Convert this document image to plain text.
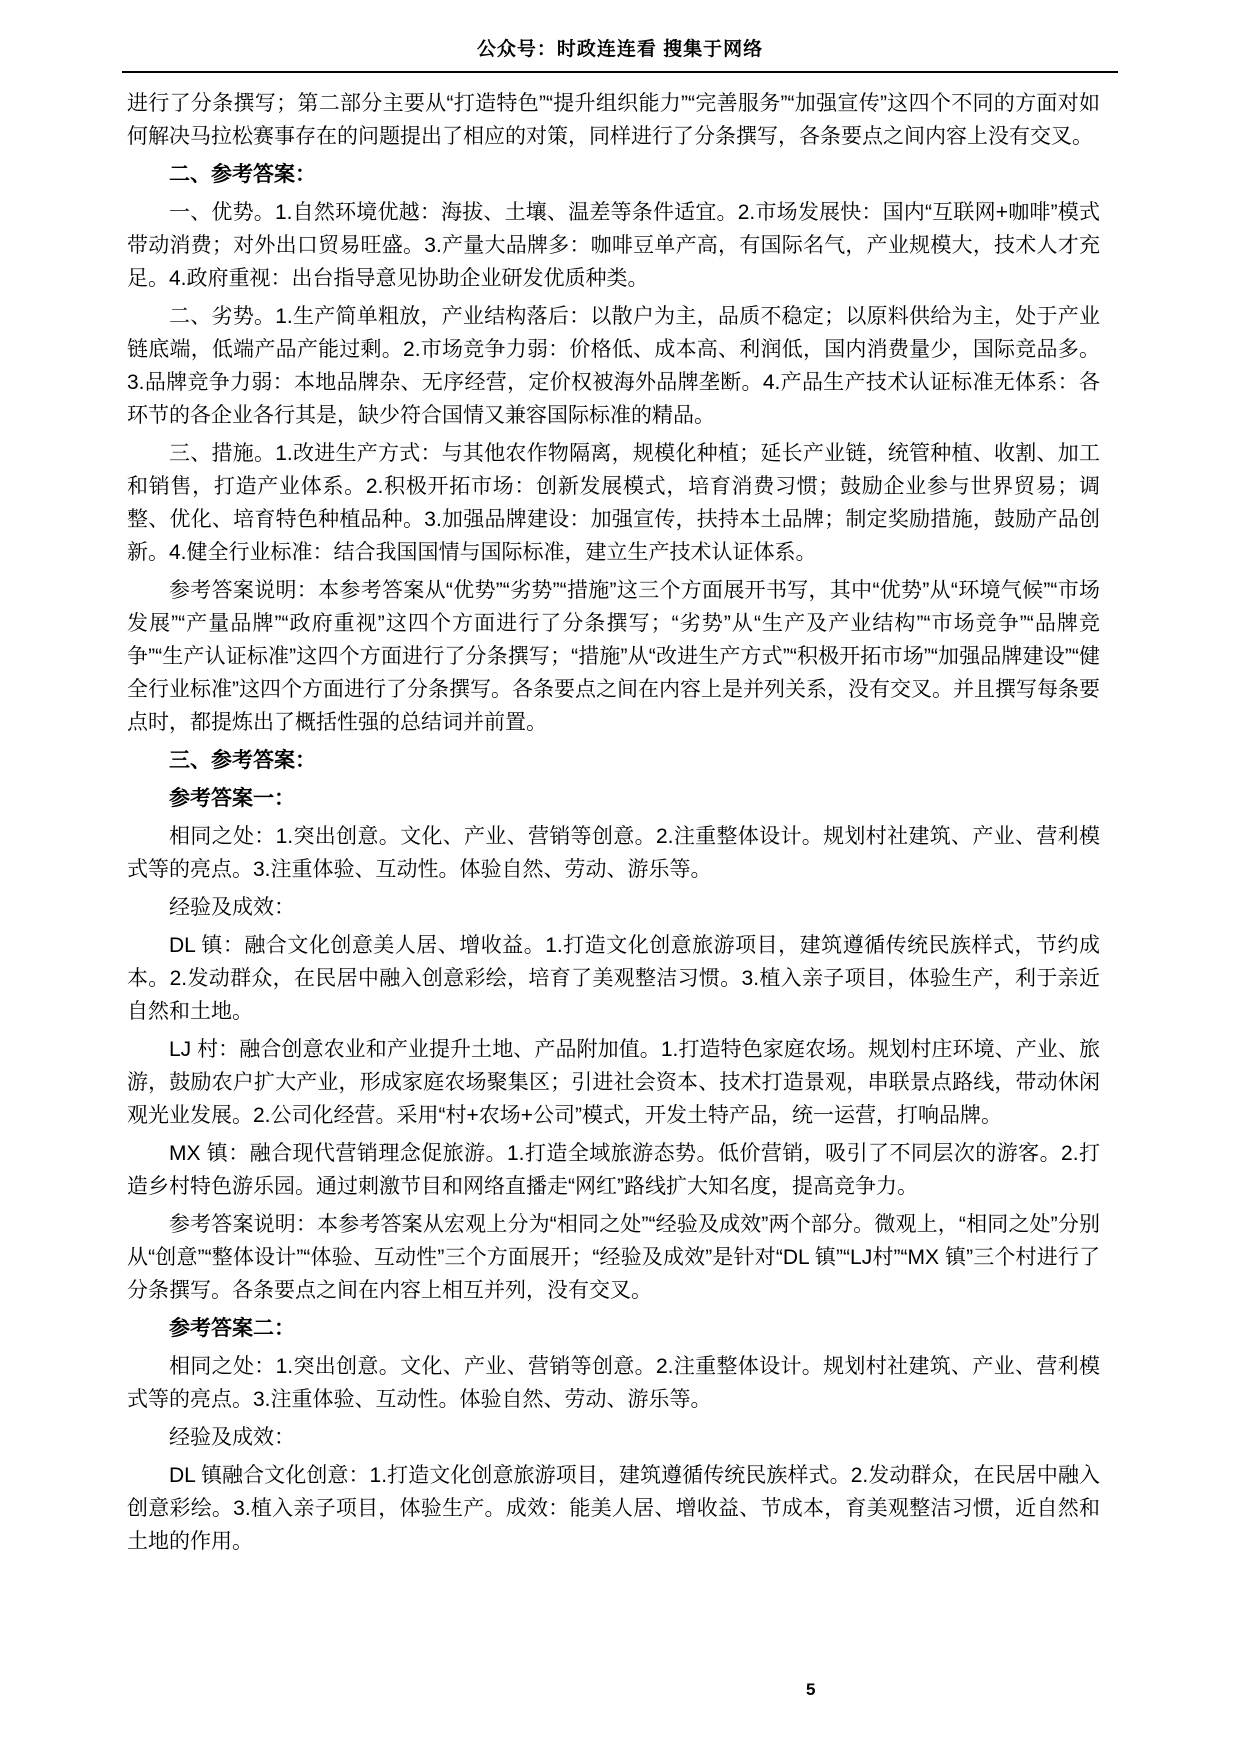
公众号：时政连连看 搜集于网络

进行了分条撰写；第二部分主要从“打造特色”“提升组织能力”“完善服务”“加强宣传”这四个不同的方面对如何解决马拉松赛事存在的问题提出了相应的对策，同样进行了分条撰写，各条要点之间内容上没有交叉。

二、参考答案：

一、优势。1.自然环境优越：海拔、土壤、温差等条件适宜。2.市场发展快：国内“互联网+咖啡”模式带动消费；对外出口贸易旺盛。3.产量大品牌多：咖啡豆单产高，有国际名气，产业规模大，技术人才充足。4.政府重视：出台指导意见协助企业研发优质种类。

二、劣势。1.生产简单粗放，产业结构落后：以散户为主，品质不稳定；以原料供给为主，处于产业链底端，低端产品产能过剩。2.市场竞争力弱：价格低、成本高、利润低，国内消费量少，国际竞品多。3.品牌竞争力弱：本地品牌杂、无序经营，定价权被海外品牌垄断。4.产品生产技术认证标准无体系：各环节的各企业各行其是，缺少符合国情又兼容国际标准的精品。

三、措施。1.改进生产方式：与其他农作物隔离，规模化种植；延长产业链，统管种植、收割、加工和销售，打造产业体系。2.积极开拓市场：创新发展模式，培育消费习惯；鼓励企业参与世界贸易；调整、优化、培育特色种植品种。3.加强品牌建设：加强宣传，扶持本土品牌；制定奖励措施，鼓励产品创新。4.健全行业标准：结合我国国情与国际标准，建立生产技术认证体系。

参考答案说明：本参考答案从“优势”“劣势”“措施”这三个方面展开书写，其中“优势”从“环境气候”“市场发展”“产量品牌”“政府重视”这四个方面进行了分条撰写；“劣势”从“生产及产业结构”“市场竞争”“品牌竞争”“生产认证标准”这四个方面进行了分条撰写；“措施”从“改进生产方式”“积极开拓市场”“加强品牌建设”“健全行业标准”这四个方面进行了分条撰写。各条要点之间在内容上是并列关系，没有交叉。并且撰写每条要点时，都提炼出了概括性强的总结词并前置。

三、参考答案：

参考答案一：

相同之处：1.突出创意。文化、产业、营销等创意。2.注重整体设计。规划村社建筑、产业、营利模式等的亮点。3.注重体验、互动性。体验自然、劳动、游乐等。

经验及成效：

DL 镇：融合文化创意美人居、增收益。1.打造文化创意旅游项目，建筑遵循传统民族样式，节约成本。2.发动群众，在民居中融入创意彩绘，培育了美观整洁习惯。3.植入亲子项目，体验生产，利于亲近自然和土地。

LJ 村：融合创意农业和产业提升土地、产品附加值。1.打造特色家庭农场。规划村庄环境、产业、旅游，鼓励农户扩大产业，形成家庭农场聚集区；引进社会资本、技术打造景观，串联景点路线，带动休闲观光业发展。2.公司化经营。采用“村+农场+公司”模式，开发土特产品，统一运营，打响品牌。

MX 镇：融合现代营销理念促旅游。1.打造全域旅游态势。低价营销，吸引了不同层次的游客。2.打造乡村特色游乐园。通过刺激节目和网络直播走“网红”路线扩大知名度，提高竞争力。

参考答案说明：本参考答案从宏观上分为“相同之处”“经验及成效”两个部分。微观上，“相同之处”分别从“创意”“整体设计”“体验、互动性”三个方面展开；“经验及成效”是针对“DL 镇”“LJ村”“MX 镇”三个村进行了分条撰写。各条要点之间在内容上相互并列，没有交叉。

参考答案二：

相同之处：1.突出创意。文化、产业、营销等创意。2.注重整体设计。规划村社建筑、产业、营利模式等的亮点。3.注重体验、互动性。体验自然、劳动、游乐等。

经验及成效：

DL 镇融合文化创意：1.打造文化创意旅游项目，建筑遵循传统民族样式。2.发动群众，在民居中融入创意彩绘。3.植入亲子项目，体验生产。成效：能美人居、增收益、节成本，育美观整洁习惯，近自然和土地的作用。

5
